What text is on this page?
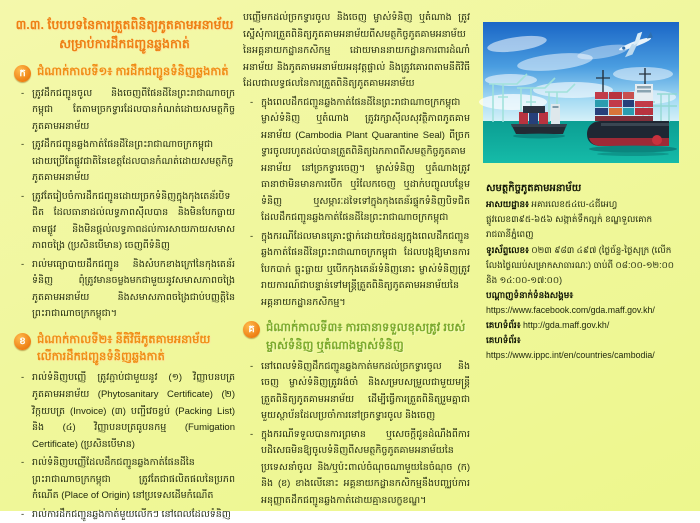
៣.៣. បែបបទនៃការត្រួតពិនិត្យភូតគាមអនាម័យ សម្រាប់ការដឹកជញ្ជូនឆ្លងកាត់
ក ជំណាក់កាលទី១៖ ការដឹកជញ្ជូនទំនិញឆ្លងកាត់

- ត្រូវដឹកជញ្ជូនចូល និងចេញពីផែនដីនៃព្រះរាជាណាចក្រកម្ពុជា តែតាមច្រកទ្វារដែលបានកំណត់ដោយសមត្ថកិច្ចភូតគាមអនាម័យ

- ត្រូវដឹកជញ្ជូនឆ្លងកាត់ផែនដីនៃព្រះរាជាណាចក្រកម្ពុជា ដោយប្រើតែផ្លូវជាតិនៃខេត្តដែលបានកំណត់ដោយសមត្ថកិច្ចភូតគាមអនាម័យ

- ត្រូវតែរៀបចំការដឹកជញ្ជូនដោយច្រកទំនិញក្នុងកុងតេន័របិទជិត ដែលធានាដល់លទ្ធភាពស៊ីលបាន និងមិនបែកធ្លាយតាមផ្លូវ និងមិនផ្តល់លទ្ធភាពដល់ការសាយភាយសមាសភាពចង្រៃ (ប្រសិនបើមាន) ចេញពីទំនិញ

- រាល់មធ្យោបាយដឹកជញ្ជូន និងសំបកខាងក្រៅនៃកុងតេន័រទំនិញ ពុំត្រូវមានចម្លងមកជាមួយនូវសមាសភាពចង្រៃភូតគាមអនាម័យ និងសមាសភាពចង្រៃជាប់បញ្ញត្តិនៃព្រះរាជាណាចក្រកម្ពុជា។

ខ ជំណាក់កាលទី២៖ នីតិវិធីភូតគាមអនាម័យ លើការដឹកជញ្ជូនទំនិញឆ្លងកាត់

- រាល់ទំនិញបញ្ញើ ត្រូវភ្ជាប់ជាមួយនូវ (១) វិញ្ញាបនបត្រភូតគាមអនាម័យ (Phytosanitary Certificate) (២) វិក្កយបត្រ (Invoice) (៣) បញ្ជីវេចខ្ចប់ (Packing List) និង (៤) វិញ្ញាបនបត្រធូបនកម្ម (Fumigation Certificate) (ប្រសិនបើមាន)

- រាល់ទំនិញបញ្ញើដែលដឹកជញ្ជូនឆ្លងកាត់ផែនដីនៃព្រះរាជាណាចក្រកម្ពុជា ត្រូវតែជាផលិតផលនៃប្រភពកំណើត (Place of Origin) នៅប្រទេសដើមកំណើត

- រាល់ការដឹកជញ្ជូនឆ្លងកាត់មួយលើកៗ នៅពេលដែលទំនិញ

បញ្ញើមកដល់ច្រកទ្វារចូល និងចេញ ម្ចាស់ទំនិញ ឬតំណាង ត្រូវស្នើសុំការត្រួតពិនិត្យភូតគាមអនាម័យពីសមត្ថកិច្ចភូតគាមអនាម័យ នៃអគ្គនាយកដ្ឋានកសិកម្ម ដោយមាននាយកដ្ឋានការពារដំណាំ អនាម័យ និងភូតគាមអនាម័យអនុវត្តផ្ទាល់ និងត្រូវគោរពតាមនីតិវិធីដែលជាលទ្ធផលនៃការត្រួតពិនិត្យភូតគាមអនាម័យ

- ក្នុងពេលដឹកជញ្ជូនឆ្លងកាត់ផែនដីនៃព្រះរាជាណាចក្រកម្ពុជា ម្ចាស់ទំនិញ ឬតំណាង ត្រូវរក្សាស៊ីលសុវត្ថិភាពភូតគាមអនាម័យ (Cambodia Plant Quarantine Seal) ពីច្រកទ្វារចូលរហូតដល់បានត្រួតពិនិត្យឯកភាពពីសមត្ថកិច្ចភូតគាមអនាម័យ នៅច្រកទ្វារចេញ។ ម្ចាស់ទំនិញ ឬតំណាងត្រូវធានាថាមិនមានការបើក ឬរំលែកចេញ ឬដាក់បញ្ចូលបន្ថែមទំនិញ ឬសម្ភារៈដទៃទៅក្នុងកុងតេន័រផ្ទុកទំនិញបិទជិត ដែលដឹកជញ្ជូនឆ្លងកាត់ផែនដីនៃព្រះរាជាណាចក្រកម្ពុជា

- ក្នុងករណីដែលមានគ្រោះថ្នាក់ដោយចៃដន្យក្នុងពេលដឹកជញ្ជូនឆ្លងកាត់ផែនដីនៃព្រះរាជាណាចក្រកម្ពុជា ដែលបង្កឱ្យមានការបែកបាក់ ធ្លុះធ្លាយ ឬបើកកុងតេន័រទំនិញនោះ ម្ចាស់ទំនិញត្រូវរាយការណ៍ជាបន្ទាន់ទៅមន្ត្រីត្រួតពិនិត្យភូតគាមអនាម័យនៃអគ្គនាយកដ្ឋានកសិកម្ម។

គ ជំណាក់កាលទី៣៖ ការធានាទទួលខុសត្រូវ របស់ម្ចាស់ទំនិញ ឬតំណាងម្ចាស់ទំនិញ

- នៅពេលទំនិញដឹកជញ្ជូនឆ្លងកាត់មកដល់ច្រកទ្វារចូល និងចេញ ម្ចាស់ទំនិញត្រូវរង់ចាំ និងសម្របសម្រួលជាមួយមន្ត្រីត្រួតពិនិត្យភូតគាមអនាម័យ ដើម្បីធ្វើការត្រួតពិនិត្យរួមគ្នាជាមួយស្ថាប័នដែលប្រចាំការនៅច្រកទ្វារចូល និងចេញ

- ក្នុងករណីទទួលបានការព្រមាន ឬសេចក្តីជូនដំណឹងពីការបដិសេធមិនឱ្យចូលទំនិញពីសមត្ថកិច្ចភូតគាមអនាម័យនៃប្រទេសនាំចូល និង/ឬប៉ះពាល់ចំណុចណាមួយនៃចំណុច (ក) និង (ខ) ខាងលើនោះ អគ្គនាយកដ្ឋានកសិកម្មនឹងបញ្ឈប់ការអនុញ្ញាតដឹកជញ្ជូនឆ្លងកាត់ដោយគ្មានលក្ខខណ្ឌ។

សមត្ថកិច្ចភូតគាមអនាម័យ

អាសយដ្ឋាន៖ អគារលេខ៥៤បេ-៤ជីអេហ្វ ផ្លូវលេខ៣៩៥-៦៥៦ សង្កាត់ទឹកល្អក់ ខណ្ឌទួលគោក រាជធានីភ្នំពេញ

ទូរស័ព្ទលេខ៖ ០២៣ ៩៨៣ ៤៩៧ (ថ្ងៃច័ន្ទ-ថ្ងៃសុក្រ (លើកលែងថ្ងៃឈប់សម្រាកសាធារណៈ) ចាប់ពី ០៨:០០-១២:០០ និង ១៤:០០-១៧:០០)

បណ្ដាញទំនាក់ទំនងសង្គម៖ https://www.facebook.com/gda.maff.gov.kh/

គេហទំព័រ៖ http://gda.maff.gov.kh/

គេហទំព័រ៖ https://www.ippc.int/en/countries/cambodia/
